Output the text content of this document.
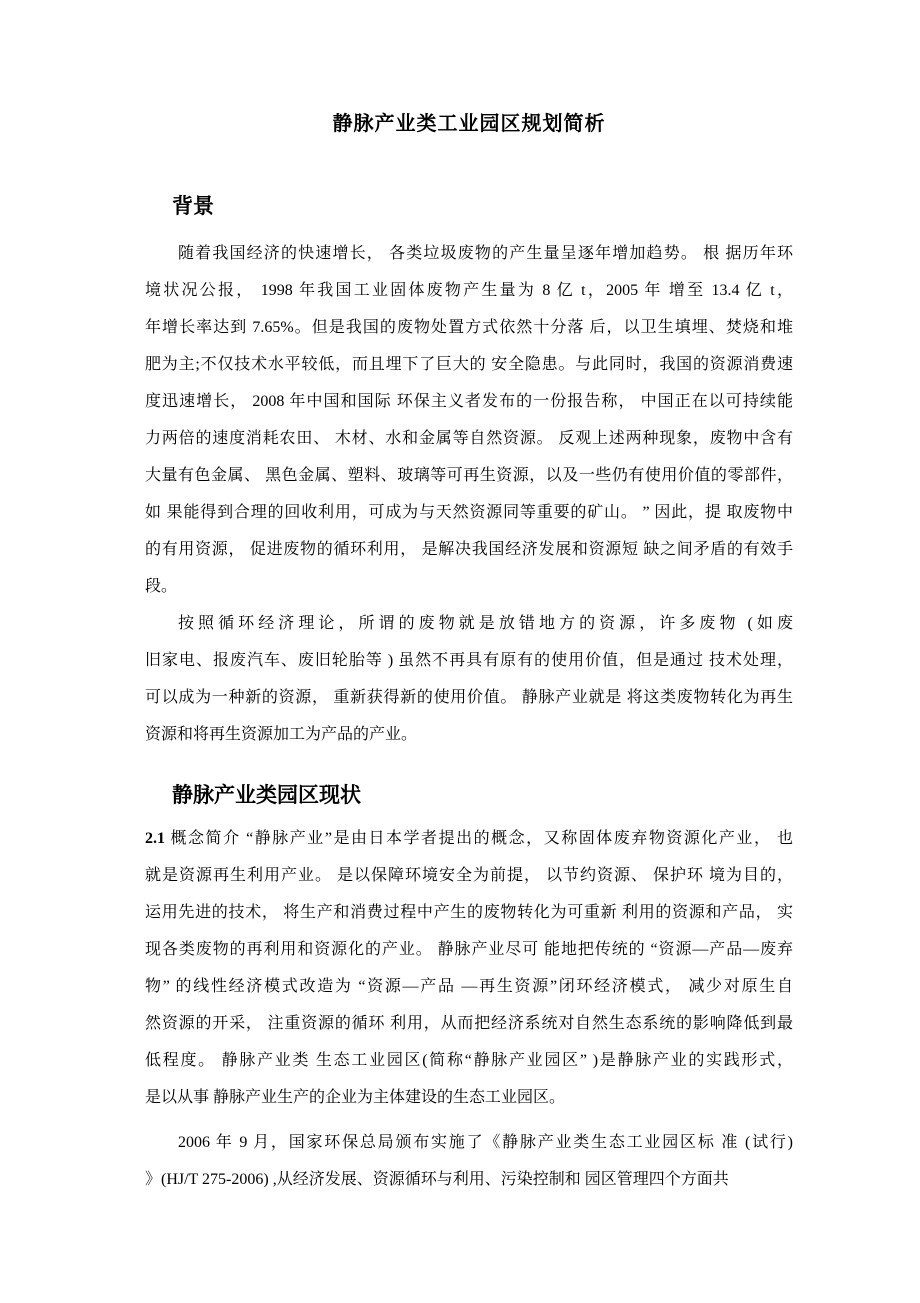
静脉产业类工业园区规划简析
背景
随着我国经济的快速增长， 各类垃圾废物的产生量呈逐年增加趋势。 根 据历年环
境状况公报， 1998 年我国工业固体废物产生量为 8 亿 t，2005 年 增至 13.4 亿 t，
年增长率达到 7.65%。但是我国的废物处置方式依然十分落 后，以卫生填埋、焚烧和堆
肥为主;不仅技术水平较低，而且埋下了巨大的 安全隐患。与此同时，我国的资源消费速
度迅速增长， 2008 年中国和国际 环保主义者发布的一份报告称， 中国正在以可持续能
力两倍的速度消耗农田、 木材、水和金属等自然资源。 反观上述两种现象，废物中含有
大量有色金属、 黑色金属、塑料、玻璃等可再生资源，以及一些仍有使用价值的零部件，
如 果能得到合理的回收利用，可成为与天然资源同等重要的矿山。 ” 因此，提 取废物中
的有用资源， 促进废物的循环利用， 是解决我国经济发展和资源短 缺之间矛盾的有效手
段。
按照循环经济理论，所谓的废物就是放错地方的资源，许多废物 (如废
旧家电、报废汽车、废旧轮胎等 ) 虽然不再具有原有的使用价值，但是通过 技术处理，
可以成为一种新的资源， 重新获得新的使用价值。 静脉产业就是 将这类废物转化为再生
资源和将再生资源加工为产品的产业。
静脉产业类园区现状
2.1 概念简介 “静脉产业”是由日本学者提出的概念，又称固体废弃物资源化产业， 也
就是资源再生利用产业。 是以保障环境安全为前提， 以节约资源、 保护环 境为目的，
运用先进的技术， 将生产和消费过程中产生的废物转化为可重新 利用的资源和产品， 实
现各类废物的再利用和资源化的产业。 静脉产业尽可 能地把传统的 “资源—产品—废弃
物” 的线性经济模式改造为 “资源—产品 —再生资源”闭环经济模式， 减少对原生自
然资源的开采， 注重资源的循环 利用，从而把经济系统对自然生态系统的影响降低到最
低程度。 静脉产业类 生态工业园区(简称“静脉产业园区” )是静脉产业的实践形式，
是以从事 静脉产业生产的企业为主体建设的生态工业园区。
2006 年 9 月，国家环保总局颁布实施了《静脉产业类生态工业园区标 准 (试行)
》(HJ/T 275-2006) ,从经济发展、资源循环与利用、污染控制和 园区管理四个方面共
